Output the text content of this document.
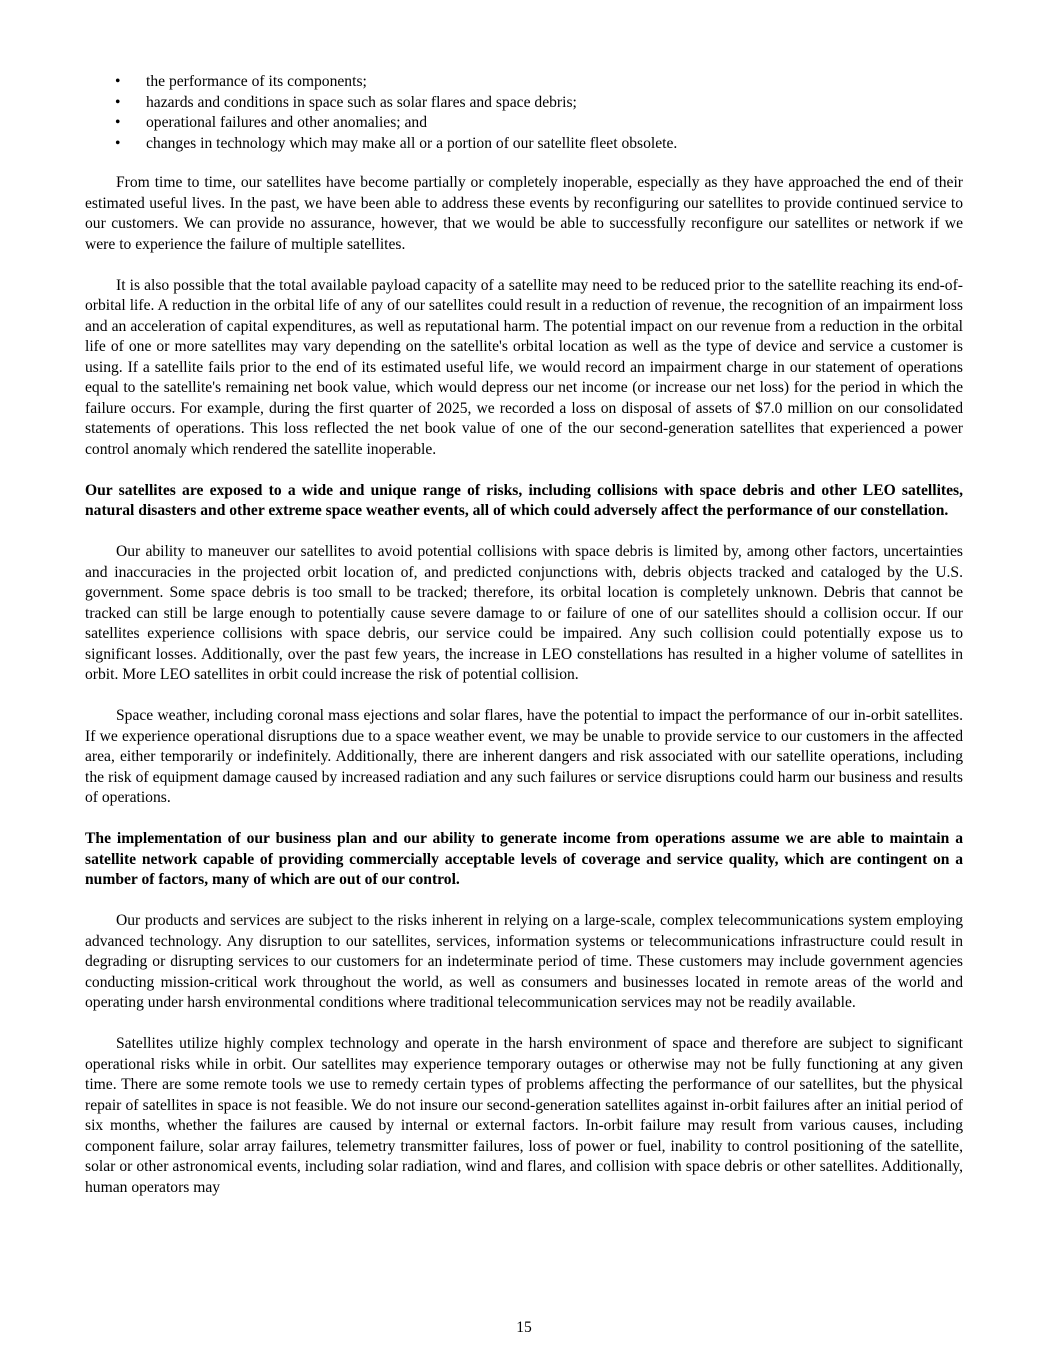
• the performance of its components;
• hazards and conditions in space such as solar flares and space debris;
• operational failures and other anomalies; and
• changes in technology which may make all or a portion of our satellite fleet obsolete.

From time to time, our satellites have become partially or completely inoperable, especially as they have approached the end of their estimated useful lives. In the past, we have been able to address these events by reconfiguring our satellites to provide continued service to our customers. We can provide no assurance, however, that we would be able to successfully reconfigure our satellites or network if we were to experience the failure of multiple satellites.

It is also possible that the total available payload capacity of a satellite may need to be reduced prior to the satellite reaching its end-of-orbital life. A reduction in the orbital life of any of our satellites could result in a reduction of revenue, the recognition of an impairment loss and an acceleration of capital expenditures, as well as reputational harm. The potential impact on our revenue from a reduction in the orbital life of one or more satellites may vary depending on the satellite's orbital location as well as the type of device and service a customer is using. If a satellite fails prior to the end of its estimated useful life, we would record an impairment charge in our statement of operations equal to the satellite's remaining net book value, which would depress our net income (or increase our net loss) for the period in which the failure occurs. For example, during the first quarter of 2025, we recorded a loss on disposal of assets of $7.0 million on our consolidated statements of operations. This loss reflected the net book value of one of the our second-generation satellites that experienced a power control anomaly which rendered the satellite inoperable.

Our satellites are exposed to a wide and unique range of risks, including collisions with space debris and other LEO satellites, natural disasters and other extreme space weather events, all of which could adversely affect the performance of our constellation.

Our ability to maneuver our satellites to avoid potential collisions with space debris is limited by, among other factors, uncertainties and inaccuracies in the projected orbit location of, and predicted conjunctions with, debris objects tracked and cataloged by the U.S. government. Some space debris is too small to be tracked; therefore, its orbital location is completely unknown. Debris that cannot be tracked can still be large enough to potentially cause severe damage to or failure of one of our satellites should a collision occur. If our satellites experience collisions with space debris, our service could be impaired. Any such collision could potentially expose us to significant losses. Additionally, over the past few years, the increase in LEO constellations has resulted in a higher volume of satellites in orbit. More LEO satellites in orbit could increase the risk of potential collision.

Space weather, including coronal mass ejections and solar flares, have the potential to impact the performance of our in-orbit satellites. If we experience operational disruptions due to a space weather event, we may be unable to provide service to our customers in the affected area, either temporarily or indefinitely. Additionally, there are inherent dangers and risk associated with our satellite operations, including the risk of equipment damage caused by increased radiation and any such failures or service disruptions could harm our business and results of operations.

The implementation of our business plan and our ability to generate income from operations assume we are able to maintain a satellite network capable of providing commercially acceptable levels of coverage and service quality, which are contingent on a number of factors, many of which are out of our control.

Our products and services are subject to the risks inherent in relying on a large-scale, complex telecommunications system employing advanced technology. Any disruption to our satellites, services, information systems or telecommunications infrastructure could result in degrading or disrupting services to our customers for an indeterminate period of time. These customers may include government agencies conducting mission-critical work throughout the world, as well as consumers and businesses located in remote areas of the world and operating under harsh environmental conditions where traditional telecommunication services may not be readily available.

Satellites utilize highly complex technology and operate in the harsh environment of space and therefore are subject to significant operational risks while in orbit. Our satellites may experience temporary outages or otherwise may not be fully functioning at any given time. There are some remote tools we use to remedy certain types of problems affecting the performance of our satellites, but the physical repair of satellites in space is not feasible. We do not insure our second-generation satellites against in-orbit failures after an initial period of six months, whether the failures are caused by internal or external factors. In-orbit failure may result from various causes, including component failure, solar array failures, telemetry transmitter failures, loss of power or fuel, inability to control positioning of the satellite, solar or other astronomical events, including solar radiation, wind and flares, and collision with space debris or other satellites. Additionally, human operators may

15
